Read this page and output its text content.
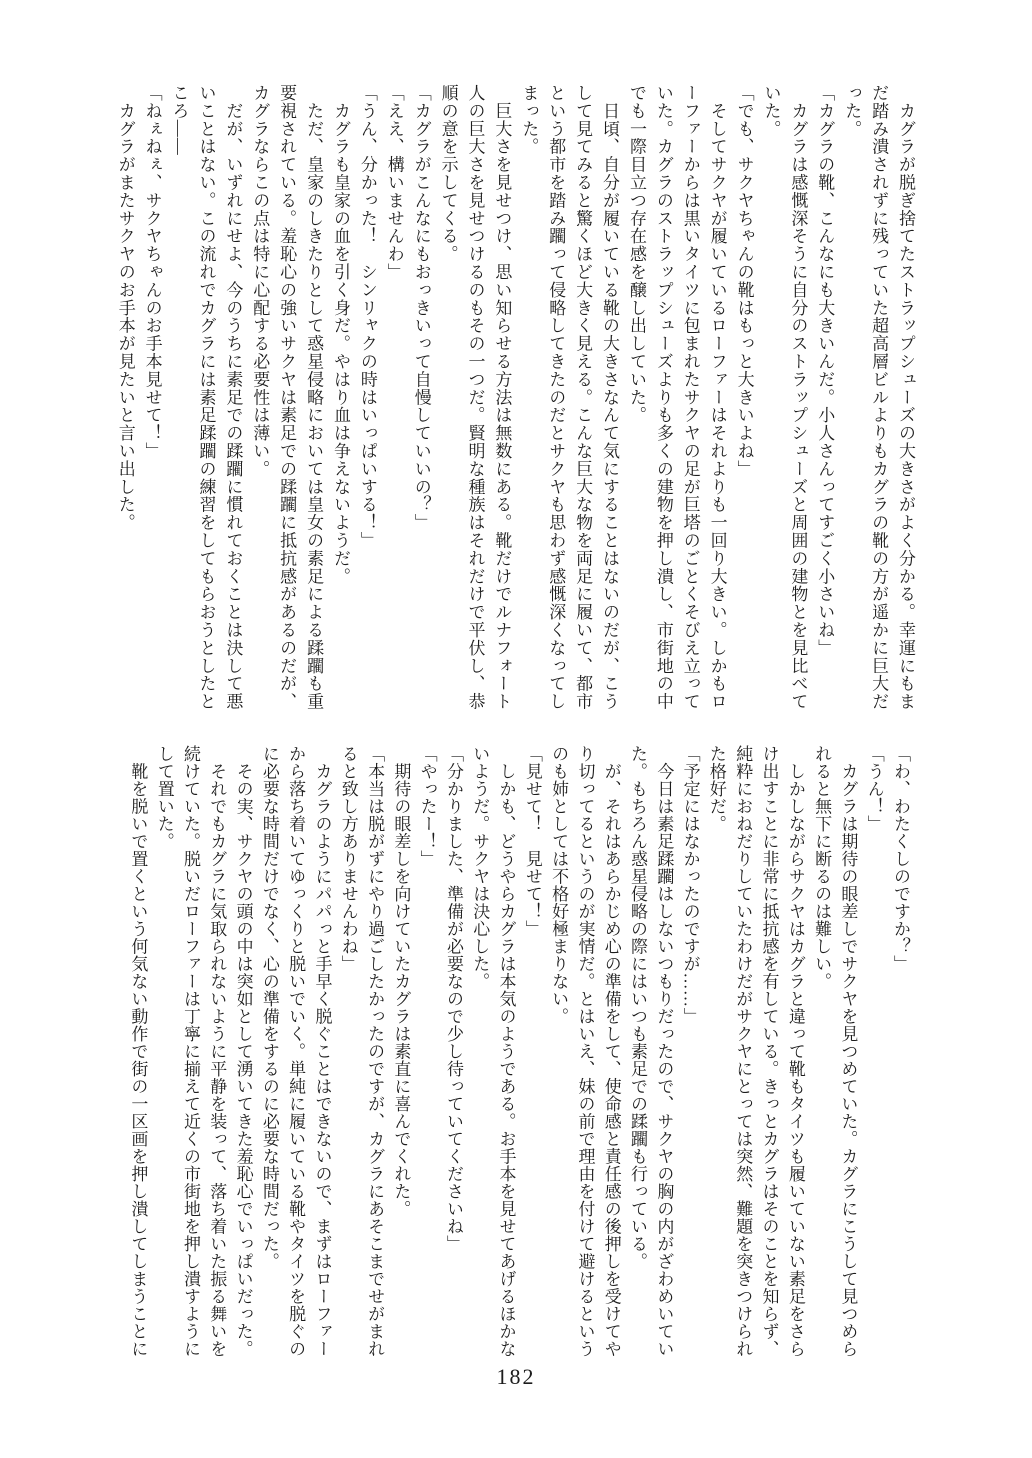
　カグラが脱ぎ捨てたストラップシューズの大きさがよく分かる。幸運にもま

だ踏み潰されずに残っていた超高層ビルよりもカグラの靴の方が遥かに巨大だ

った。

「カグラの靴、こんなにも大きいんだ。小人さんってすごく小さいね」

　カグラは感慨深そうに自分のストラップシューズと周囲の建物とを見比べて

いた。

「でも、サクヤちゃんの靴はもっと大きいよね」

　そしてサクヤが履いているローファーはそれよりも一回り大きい。しかもロ

ーファーからは黒いタイツに包まれたサクヤの足が巨塔のごとくそびえ立って

いた。カグラのストラップシューズよりも多くの建物を押し潰し、市街地の中

でも一際目立つ存在感を醸し出していた。

　日頃、自分が履いている靴の大きさなんて気にすることはないのだが、こう

して見てみると驚くほど大きく見える。こんな巨大な物を両足に履いて、都市

という都市を踏み躙って侵略してきたのだとサクヤも思わず感慨深くなってし

まった。

　巨大さを見せつけ、思い知らせる方法は無数にある。靴だけでルナフォート

人の巨大さを見せつけるのもその一つだ。賢明な種族はそれだけで平伏し、恭

順の意を示してくる。

「カグラがこんなにもおっきいって自慢していいの？」

「ええ、構いませんわ」

「うん、分かった！　シンリャクの時はいっぱいする！」

　カグラも皇家の血を引く身だ。やはり血は争えないようだ。

　ただ、皇家のしきたりとして惑星侵略においては皇女の素足による蹂躙も重

要視されている。羞恥心の強いサクヤは素足での蹂躙に抵抗感があるのだが、

カグラならこの点は特に心配する必要性は薄い。

　だが、いずれにせよ、今のうちに素足での蹂躙に慣れておくことは決して悪

いことはない。この流れでカグラには素足蹂躙の練習をしてもらおうとしたと

ころ――

「ねぇねぇ、サクヤちゃんのお手本見せて！」

　カグラがまたサクヤのお手本が見たいと言い出した。

「わ、わたくしのですか？」

「うん！」

　カグラは期待の眼差しでサクヤを見つめていた。カグラにこうして見つめら

れると無下に断るのは難しい。

　しかしながらサクヤはカグラと違って靴もタイツも履いていない素足をさら

け出すことに非常に抵抗感を有している。きっとカグラはそのことを知らず、

純粋におねだりしていたわけだがサクヤにとっては突然、難題を突きつけられ

た格好だ。

「予定にはなかったのですが……」

　今日は素足蹂躙はしないつもりだったので、サクヤの胸の内がざわめいてい

た。もちろん惑星侵略の際にはいつも素足での蹂躙も行っている。

　が、それはあらかじめ心の準備をして、使命感と責任感の後押しを受けてや

り切ってるというのが実情だ。とはいえ、妹の前で理由を付けて避けるという

のも姉としては不格好極まりない。

「見せて！　見せて！」

　しかも、どうやらカグラは本気のようである。お手本を見せてあげるほかな

いようだ。サクヤは決心した。

「分かりました、準備が必要なので少し待っていてくださいね」

「やったー！」

　期待の眼差しを向けていたカグラは素直に喜んでくれた。

「本当は脱がずにやり過ごしたかったのですが、カグラにあそこまでせがまれ

ると致し方ありませんわね」

　カグラのようにパパっと手早く脱ぐことはできないので、まずはローファー

から落ち着いてゆっくりと脱いでいく。単純に履いている靴やタイツを脱ぐの

に必要な時間だけでなく、心の準備をするのに必要な時間だった。

　その実、サクヤの頭の中は突如として湧いてきた羞恥心でいっぱいだった。

　それでもカグラに気取られないように平静を装って、落ち着いた振る舞いを

続けていた。脱いだローファーは丁寧に揃えて近くの市街地を押し潰すように

して置いた。

　靴を脱いで置くという何気ない動作で街の一区画を押し潰してしまうことに

182
